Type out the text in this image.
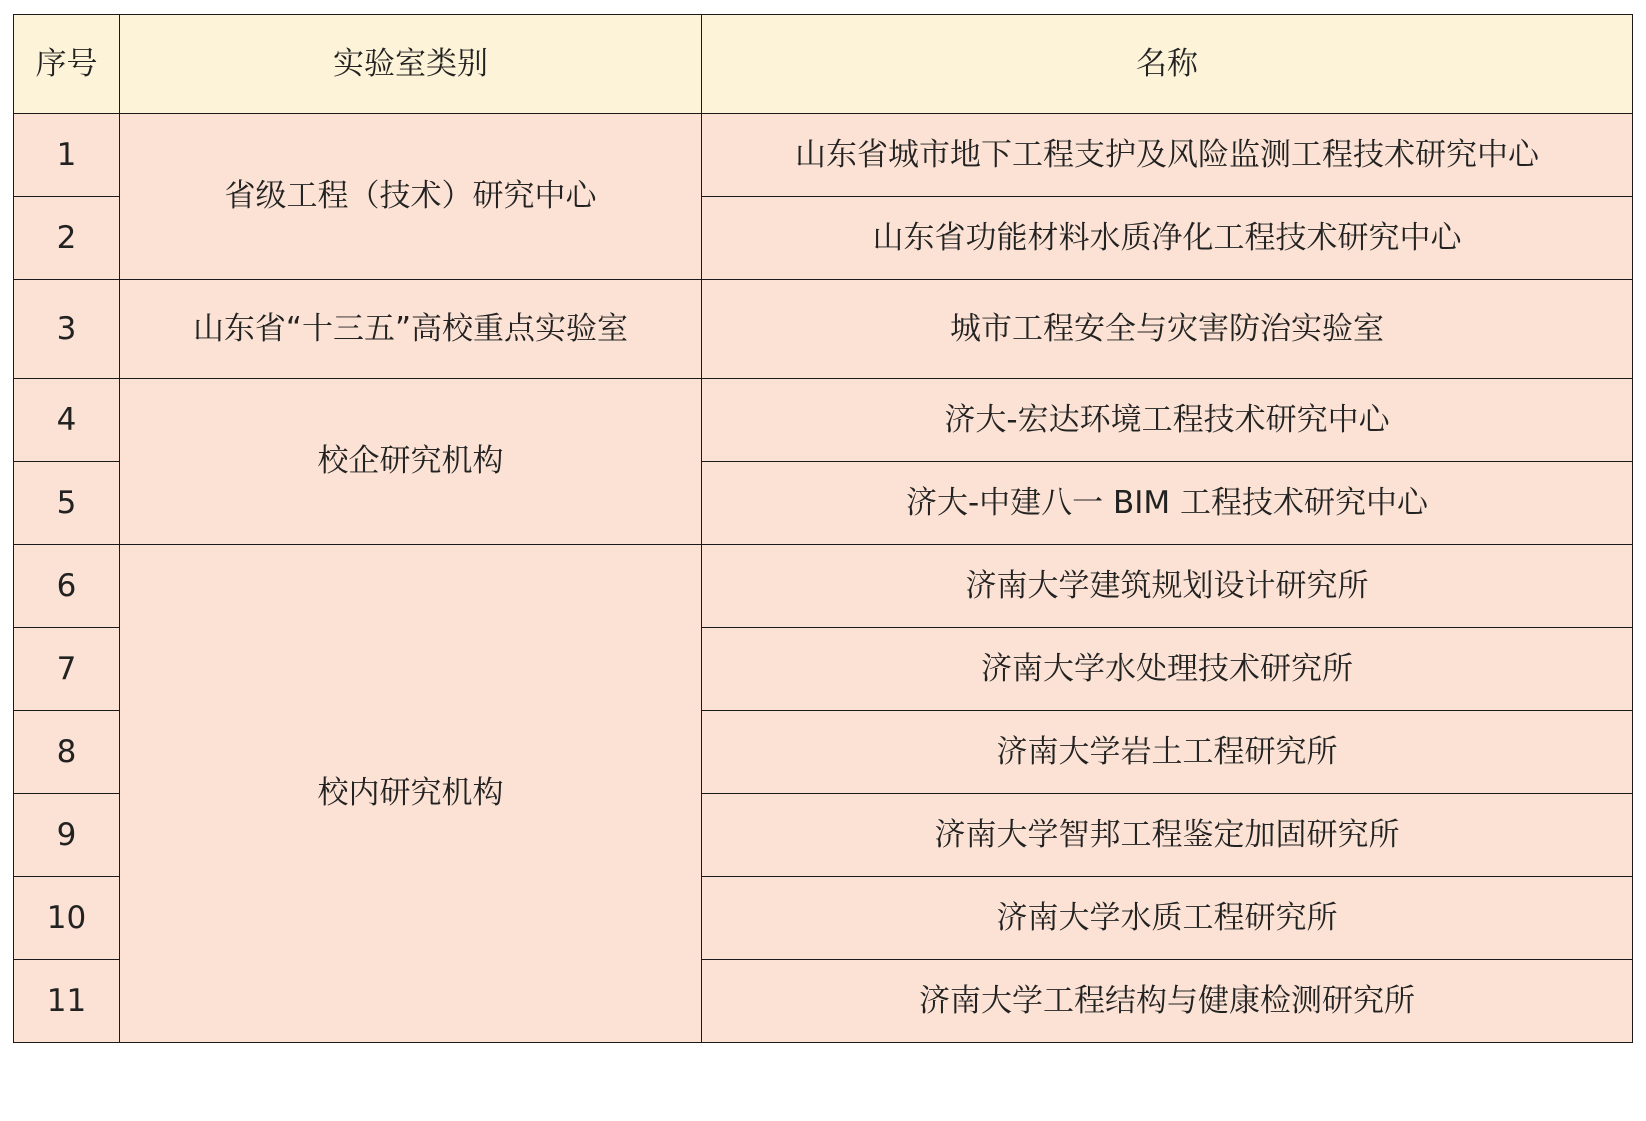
序号	实验室类别	名称
1	省级工程（技术）研究中心	山东省城市地下工程支护及风险监测工程技术研究中心
2		山东省功能材料水质净化工程技术研究中心
3	山东省“十三五”高校重点实验室	城市工程安全与灾害防治实验室
4	校企研究机构	济大-宏达环境工程技术研究中心
5		济大-中建八一 BIM 工程技术研究中心
6	校内研究机构	济南大学建筑规划设计研究所
7		济南大学水处理技术研究所
8		济南大学岩土工程研究所
9		济南大学智邦工程鉴定加固研究所
10		济南大学水质工程研究所
11		济南大学工程结构与健康检测研究所
